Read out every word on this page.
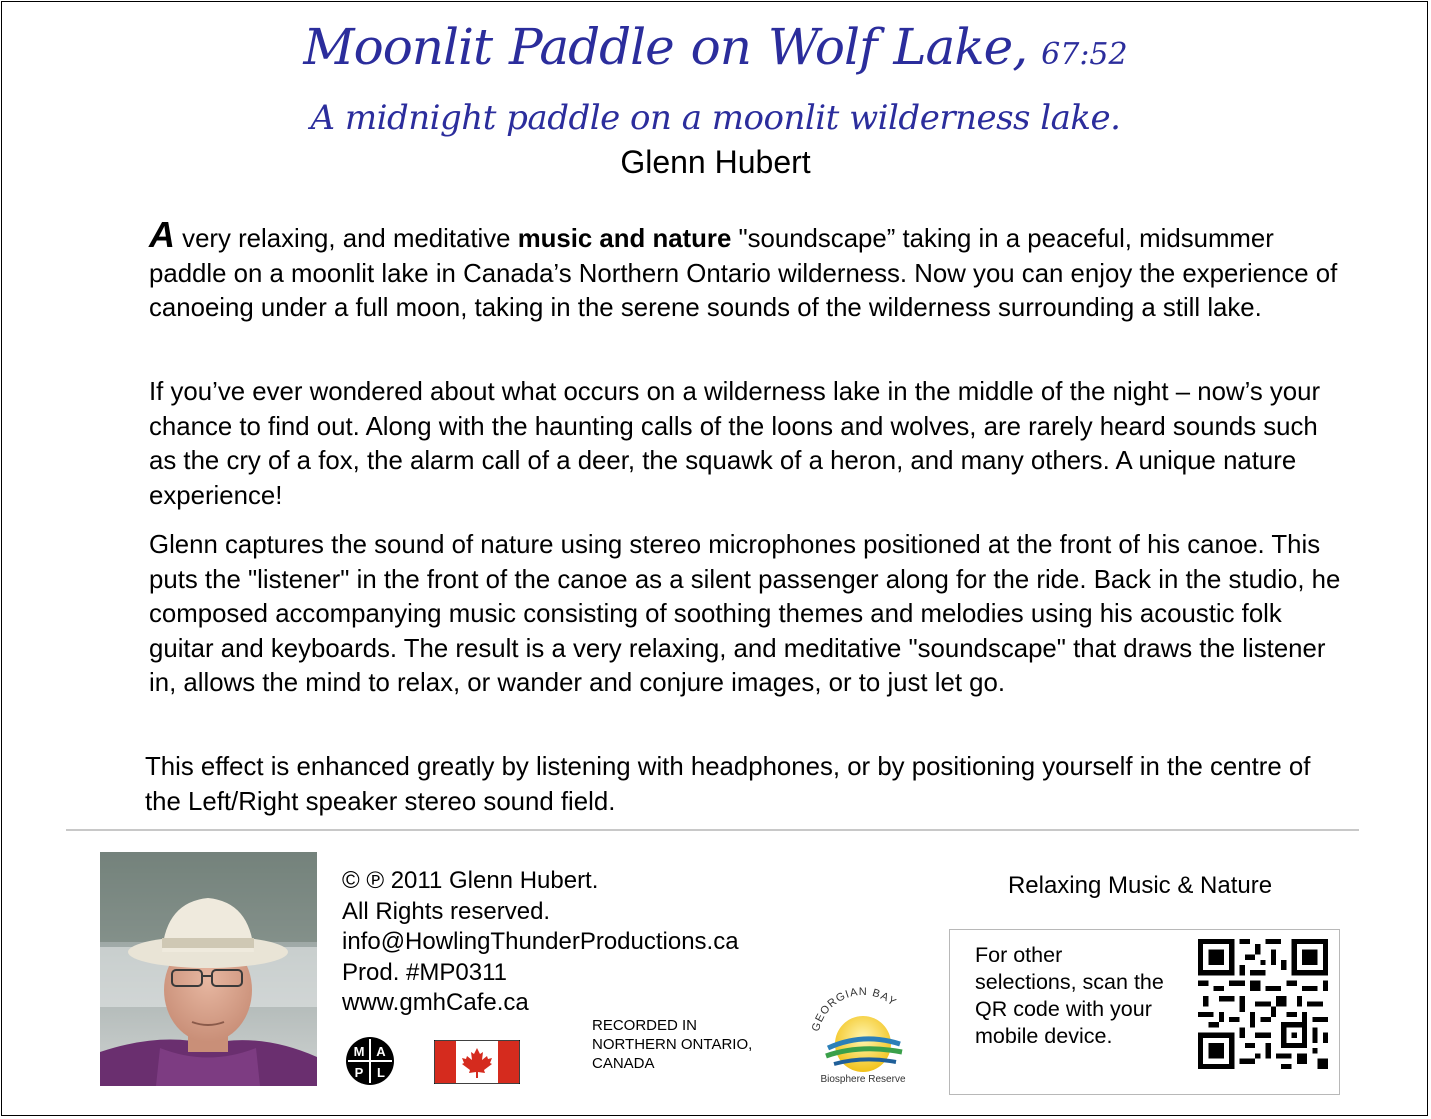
Moonlit Paddle on Wolf Lake, 67:52
A midnight paddle on a moonlit wilderness lake.
Glenn Hubert

A very relaxing, and meditative music and nature "soundscape” taking in a peaceful, midsummer paddle on a moonlit lake in Canada’s Northern Ontario wilderness. Now you can enjoy the experience of canoeing under a full moon, taking in the serene sounds of the wilderness surrounding a still lake.

If you’ve ever wondered about what occurs on a wilderness lake in the middle of the night – now’s your chance to find out. Along with the haunting calls of the loons and wolves, are rarely heard sounds such as the cry of a fox, the alarm call of a deer, the squawk of a heron, and many others. A unique nature experience!

Glenn captures the sound of nature using stereo microphones positioned at the front of his canoe. This puts the "listener" in the front of the canoe as a silent passenger along for the ride. Back in the studio, he composed accompanying music consisting of soothing themes and melodies using his acoustic folk guitar and keyboards. The result is a very relaxing, and meditative "soundscape" that draws the listener in, allows the mind to relax, or wander and conjure images, or to just let go.

This effect is enhanced greatly by listening with headphones, or by positioning yourself in the centre of the Left/Right speaker stereo sound field.

© ℗ 2011 Glenn Hubert.
All Rights reserved.
info@HowlingThunderProductions.ca
Prod. #MP0311
www.gmhCafe.ca
M A
P L
RECORDED IN
NORTHERN ONTARIO,
CANADA
GEORGIAN BAY
Biosphere Reserve
Relaxing Music & Nature
For other
selections, scan the
QR code with your
mobile device.
